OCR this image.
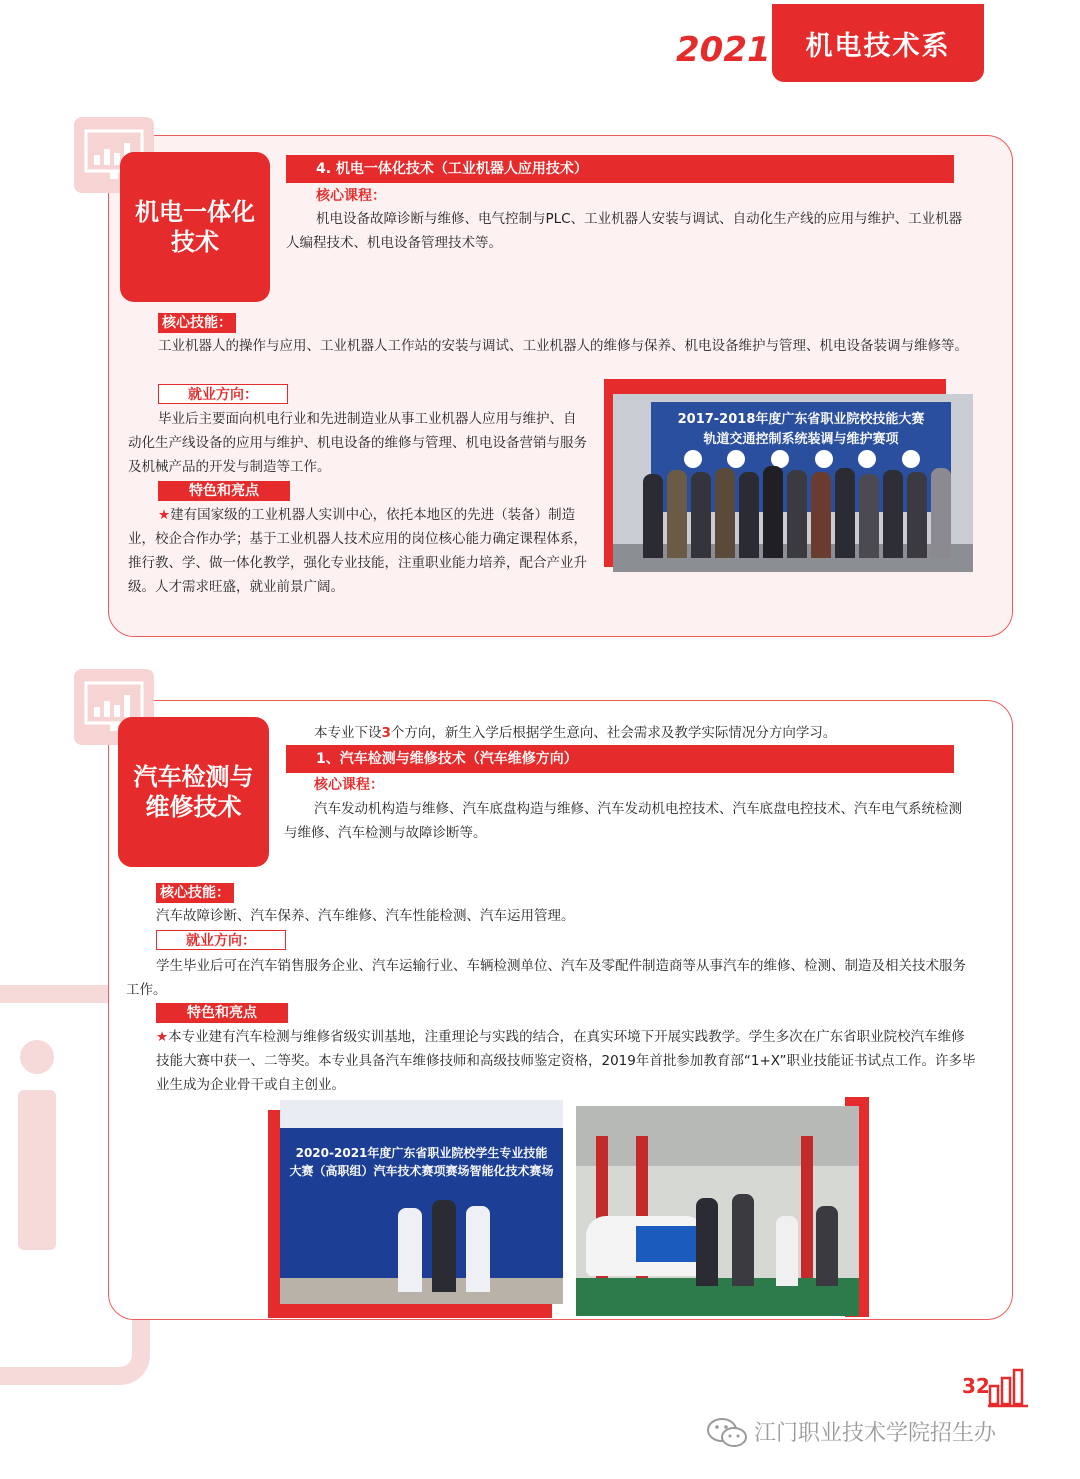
2021	机电技术系
机电一体化
技术
4. 机电一体化技术（工业机器人应用技术）
核心课程：
机电设备故障诊断与维修、电气控制与PLC、工业机器人安装与调试、自动化生产线的应用与维护、工业机器人编程技术、机电设备管理技术等。
核心技能：
工业机器人的操作与应用、工业机器人工作站的安装与调试、工业机器人的维修与保养、机电设备维护与管理、机电设备装调与维修等。
就业方向：
毕业后主要面向机电行业和先进制造业从事工业机器人应用与维护、自动化生产线设备的应用与维护、机电设备的维修与管理、机电设备营销与服务及机械产品的开发与制造等工作。
特色和亮点
★建有国家级的工业机器人实训中心，依托本地区的先进（装备）制造业，校企合作办学；基于工业机器人技术应用的岗位核心能力确定课程体系，推行教、学、做一体化教学，强化专业技能，注重职业能力培养，配合产业升级。人才需求旺盛，就业前景广阔。
2017-2018年度广东省职业院校技能大赛
轨道交通控制系统装调与维护赛项
汽车检测与
维修技术
本专业下设3个方向，新生入学后根据学生意向、社会需求及教学实际情况分方向学习。
1、汽车检测与维修技术（汽车维修方向）
核心课程：
汽车发动机构造与维修、汽车底盘构造与维修、汽车发动机电控技术、汽车底盘电控技术、汽车电气系统检测与维修、汽车检测与故障诊断等。
核心技能：
汽车故障诊断、汽车保养、汽车维修、汽车性能检测、汽车运用管理。
就业方向：
学生毕业后可在汽车销售服务企业、汽车运输行业、车辆检测单位、汽车及零配件制造商等从事汽车的维修、检测、制造及相关技术服务工作。
特色和亮点
★本专业建有汽车检测与维修省级实训基地，注重理论与实践的结合，在真实环境下开展实践教学。学生多次在广东省职业院校汽车维修技能大赛中获一、二等奖。本专业具备汽车维修技师和高级技师鉴定资格，2019年首批参加教育部“1+X”职业技能证书试点工作。许多毕业生成为企业骨干或自主创业。
2020-2021年度广东省职业院校学生专业技能
大赛（高职组）汽车技术赛项赛场智能化技术赛场
32
江门职业技术学院招生办
